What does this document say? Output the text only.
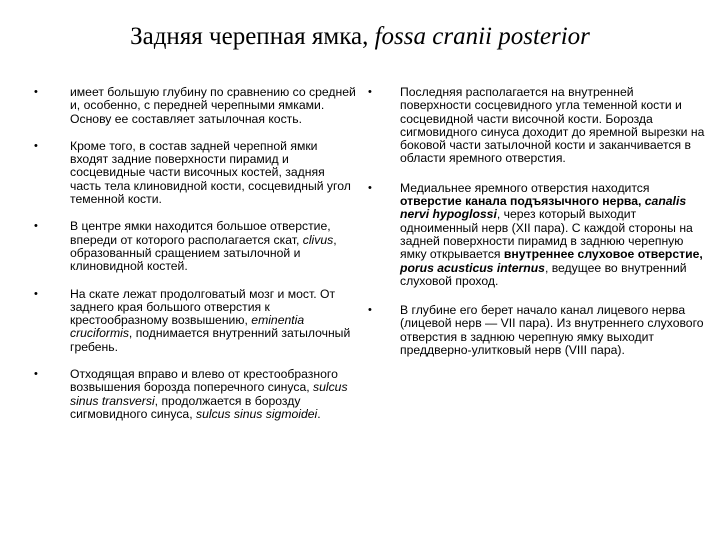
Задняя черепная ямка, fossa cranii posterior
•	имеет большую глубину по сравнению со средней и, особенно, с передней черепными ямками. Основу ее составляет затылочная кость.
•	Кроме того, в состав задней черепной ямки входят задние поверхности пирамид и сосцевидные части височных костей, задняя часть тела клиновидной кости, сосцевидный угол теменной кости.
•	В центре ямки находится большое отверстие, впереди от которого располагается скат, clivus, образованный сращением затылочной и клиновидной костей.
•	На скате лежат продолговатый мозг и мост. От заднего края большого отверстия к крестообразному возвышению, eminentia cruciformis, поднимается внутренний затылочный гребень.
•	Отходящая вправо и влево от крестообразного возвышения борозда поперечного синуса, sulcus sinus transversi, продолжается в борозду сигмовидного синуса, sulcus sinus sigmoidei.
• Последняя располагается на внутренней поверхности сосцевидного угла теменной кости и сосцевидной части височной кости. Борозда сигмовидного синуса доходит до яремной вырезки на боковой части затылочной кости и заканчивается в области яремного отверстия.
• Медиальнее яремного отверстия находится отверстие канала подъязычного нерва, canalis nervi hypoglossi, через который выходит одноименный нерв (XII пара). С каждой стороны на задней поверхности пирамид в заднюю черепную ямку открывается внутреннее слуховое отверстие, porus acusticus internus, ведущее во внутренний слуховой проход.
• В глубине его берет начало канал лицевого нерва (лицевой нерв — VII пара). Из внутреннего слухового отверстия в заднюю черепную ямку выходит преддверно-улитковый нерв (VIII пара).
